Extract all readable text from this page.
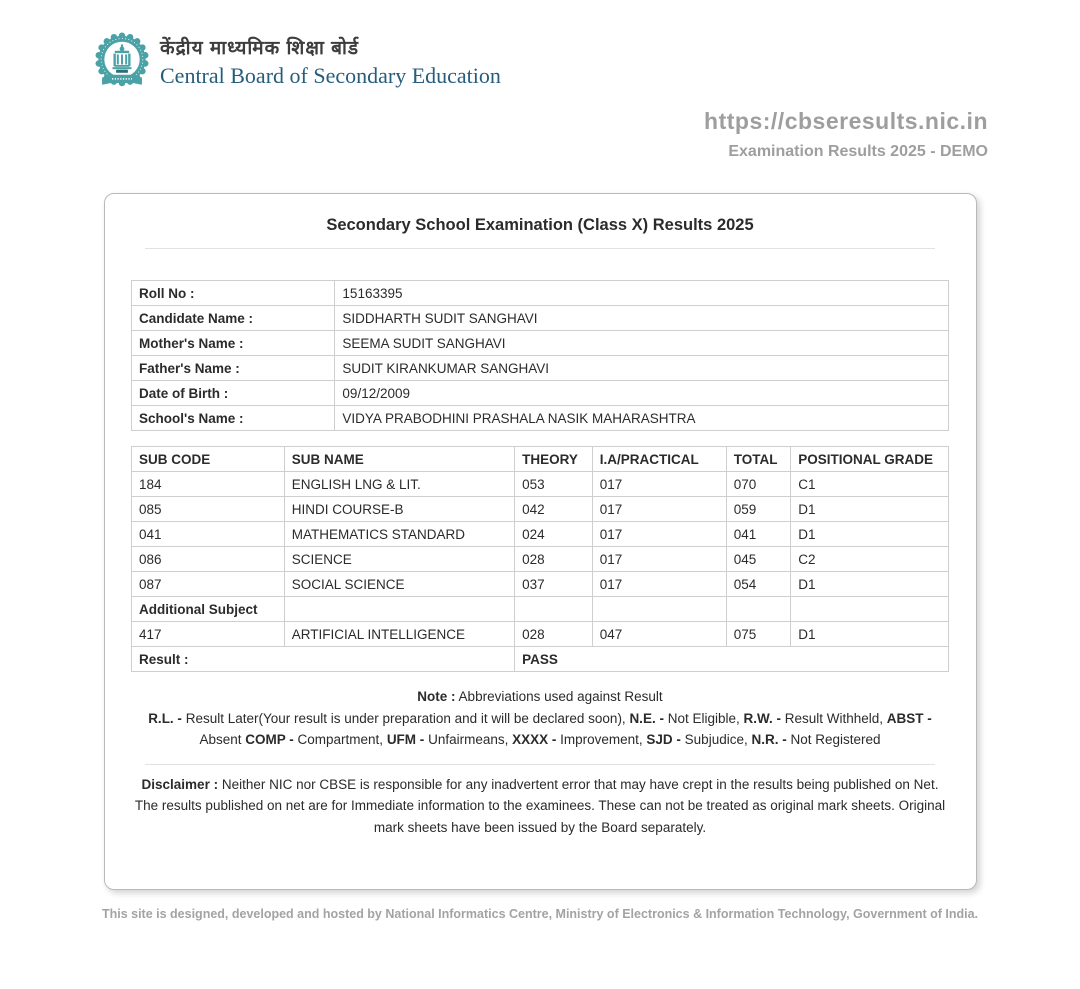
केंद्रीय माध्यमिक शिक्षा बोर्ड
Central Board of Secondary Education
https://cbseresults.nic.in
Examination Results 2025 - DEMO
Secondary School Examination (Class X) Results 2025
Roll No :	15163395
Candidate Name :	SIDDHARTH SUDIT SANGHAVI
Mother's Name :	SEEMA SUDIT SANGHAVI
Father's Name :	SUDIT KIRANKUMAR SANGHAVI
Date of Birth :	09/12/2009
School's Name :	VIDYA PRABODHINI PRASHALA NASIK MAHARASHTRA
SUB CODE	SUB NAME	THEORY	I.A/PRACTICAL	TOTAL	POSITIONAL GRADE
184	ENGLISH LNG & LIT.	053	017	070	C1
085	HINDI COURSE-B	042	017	059	D1
041	MATHEMATICS STANDARD	024	017	041	D1
086	SCIENCE	028	017	045	C2
087	SOCIAL SCIENCE	037	017	054	D1
Additional Subject					
417	ARTIFICIAL INTELLIGENCE	028	047	075	D1
Result :		PASS			
Note : Abbreviations used against Result
R.L. - Result Later(Your result is under preparation and it will be declared soon), N.E. - Not Eligible, R.W. - Result Withheld, ABST - Absent COMP - Compartment, UFM - Unfairmeans, XXXX - Improvement, SJD - Subjudice, N.R. - Not Registered
Disclaimer : Neither NIC nor CBSE is responsible for any inadvertent error that may have crept in the results being published on Net. The results published on net are for Immediate information to the examinees. These can not be treated as original mark sheets. Original mark sheets have been issued by the Board separately.
This site is designed, developed and hosted by National Informatics Centre, Ministry of Electronics & Information Technology, Government of India.
